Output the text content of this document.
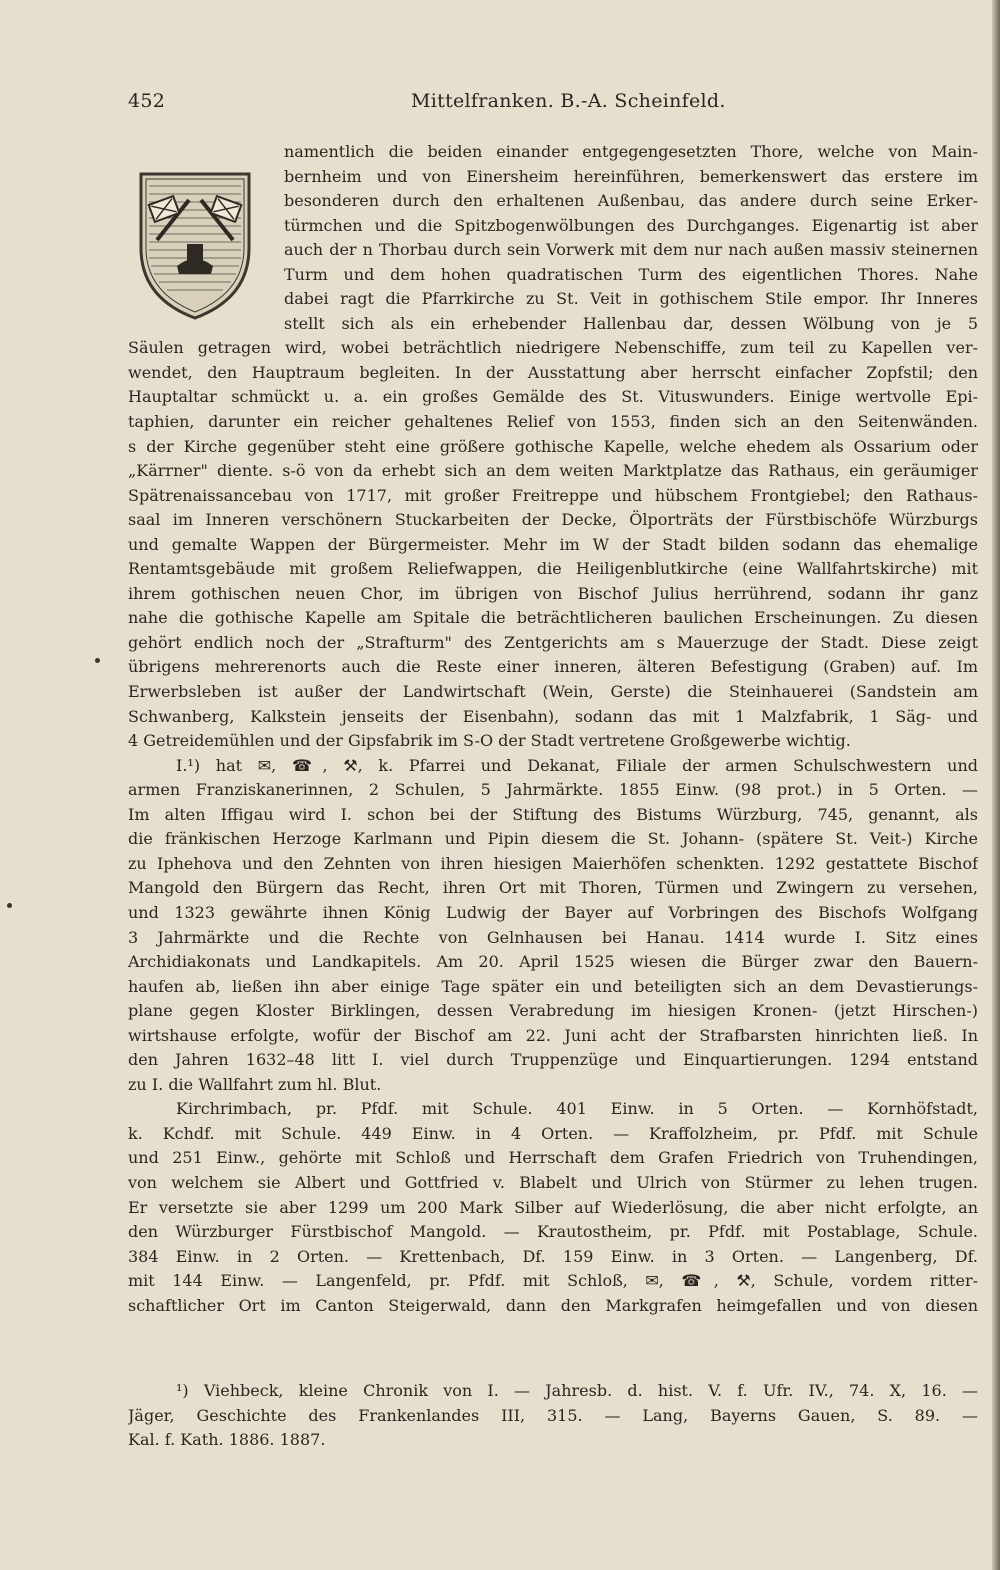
452	Mittelfranken. B.-A. Scheinfeld.
namentlich die beiden einander entgegengesetzten Thore, welche von Main-
bernheim und von Einersheim hereinführen, bemerkenswert das erstere im
besonderen durch den erhaltenen Außenbau, das andere durch seine Erker-
türmchen und die Spitzbogenwölbungen des Durchganges. Eigenartig ist aber
auch der n Thorbau durch sein Vorwerk mit dem nur nach außen massiv steinernen
Turm und dem hohen quadratischen Turm des eigentlichen Thores. Nahe
dabei ragt die Pfarrkirche zu St. Veit in gothischem Stile empor. Ihr Inneres
stellt sich als ein erhebender Hallenbau dar, dessen Wölbung von je 5
Säulen getragen wird, wobei beträchtlich niedrigere Nebenschiffe, zum teil zu Kapellen ver-
wendet, den Hauptraum begleiten. In der Ausstattung aber herrscht einfacher Zopfstil; den
Hauptaltar schmückt u. a. ein großes Gemälde des St. Vituswunders. Einige wertvolle Epi-
taphien, darunter ein reicher gehaltenes Relief von 1553, finden sich an den Seitenwänden.
s der Kirche gegenüber steht eine größere gothische Kapelle, welche ehedem als Ossarium oder
„Kärrner" diente. s-ö von da erhebt sich an dem weiten Marktplatze das Rathaus, ein geräumiger
Spätrenaissancebau von 1717, mit großer Freitreppe und hübschem Frontgiebel; den Rathaus-
saal im Inneren verschönern Stuckarbeiten der Decke, Ölporträts der Fürstbischöfe Würzburgs
und gemalte Wappen der Bürgermeister. Mehr im W der Stadt bilden sodann das ehemalige
Rentamtsgebäude mit großem Reliefwappen, die Heiligenblutkirche (eine Wallfahrtskirche) mit
ihrem gothischen neuen Chor, im übrigen von Bischof Julius herrührend, sodann ihr ganz
nahe die gothische Kapelle am Spitale die beträchtlicheren baulichen Erscheinungen. Zu diesen
gehört endlich noch der „Strafturm" des Zentgerichts am s Mauerzuge der Stadt. Diese zeigt
übrigens mehrerenorts auch die Reste einer inneren, älteren Befestigung (Graben) auf. Im
Erwerbsleben ist außer der Landwirtschaft (Wein, Gerste) die Steinhauerei (Sandstein am
Schwanberg, Kalkstein jenseits der Eisenbahn), sodann das mit 1 Malzfabrik, 1 Säg- und
4 Getreidemühlen und der Gipsfabrik im S-O der Stadt vertretene Großgewerbe wichtig.
I.¹) hat ✉, ☎, ⚒, k. Pfarrei und Dekanat, Filiale der armen Schulschwestern und
armen Franziskanerinnen, 2 Schulen, 5 Jahrmärkte. 1855 Einw. (98 prot.) in 5 Orten. —
Im alten Iffigau wird I. schon bei der Stiftung des Bistums Würzburg, 745, genannt, als
die fränkischen Herzoge Karlmann und Pipin diesem die St. Johann- (spätere St. Veit-) Kirche
zu Iphehova und den Zehnten von ihren hiesigen Maierhöfen schenkten. 1292 gestattete Bischof
Mangold den Bürgern das Recht, ihren Ort mit Thoren, Türmen und Zwingern zu versehen,
und 1323 gewährte ihnen König Ludwig der Bayer auf Vorbringen des Bischofs Wolfgang
3 Jahrmärkte und die Rechte von Gelnhausen bei Hanau. 1414 wurde I. Sitz eines
Archidiakonats und Landkapitels. Am 20. April 1525 wiesen die Bürger zwar den Bauern-
haufen ab, ließen ihn aber einige Tage später ein und beteiligten sich an dem Devastierungs-
plane gegen Kloster Birklingen, dessen Verabredung im hiesigen Kronen- (jetzt Hirschen-)
wirtshause erfolgte, wofür der Bischof am 22. Juni acht der Strafbarsten hinrichten ließ. In
den Jahren 1632–48 litt I. viel durch Truppenzüge und Einquartierungen. 1294 entstand
zu I. die Wallfahrt zum hl. Blut.
Kirchrimbach, pr. Pfdf. mit Schule. 401 Einw. in 5 Orten. — Kornhöfstadt,
k. Kchdf. mit Schule. 449 Einw. in 4 Orten. — Kraffolzheim, pr. Pfdf. mit Schule
und 251 Einw., gehörte mit Schloß und Herrschaft dem Grafen Friedrich von Truhendingen,
von welchem sie Albert und Gottfried v. Blabelt und Ulrich von Stürmer zu lehen trugen.
Er versetzte sie aber 1299 um 200 Mark Silber auf Wiederlösung, die aber nicht erfolgte, an
den Würzburger Fürstbischof Mangold. — Krautostheim, pr. Pfdf. mit Postablage, Schule.
384 Einw. in 2 Orten. — Krettenbach, Df. 159 Einw. in 3 Orten. — Langenberg, Df.
mit 144 Einw. — Langenfeld, pr. Pfdf. mit Schloß, ✉, ☎, ⚒, Schule, vordem ritter-
schaftlicher Ort im Canton Steigerwald, dann den Markgrafen heimgefallen und von diesen
¹) Viehbeck, kleine Chronik von I. — Jahresb. d. hist. V. f. Ufr. IV., 74. X, 16. —
Jäger, Geschichte des Frankenlandes III, 315. — Lang, Bayerns Gauen, S. 89. —
Kal. f. Kath. 1886. 1887.
